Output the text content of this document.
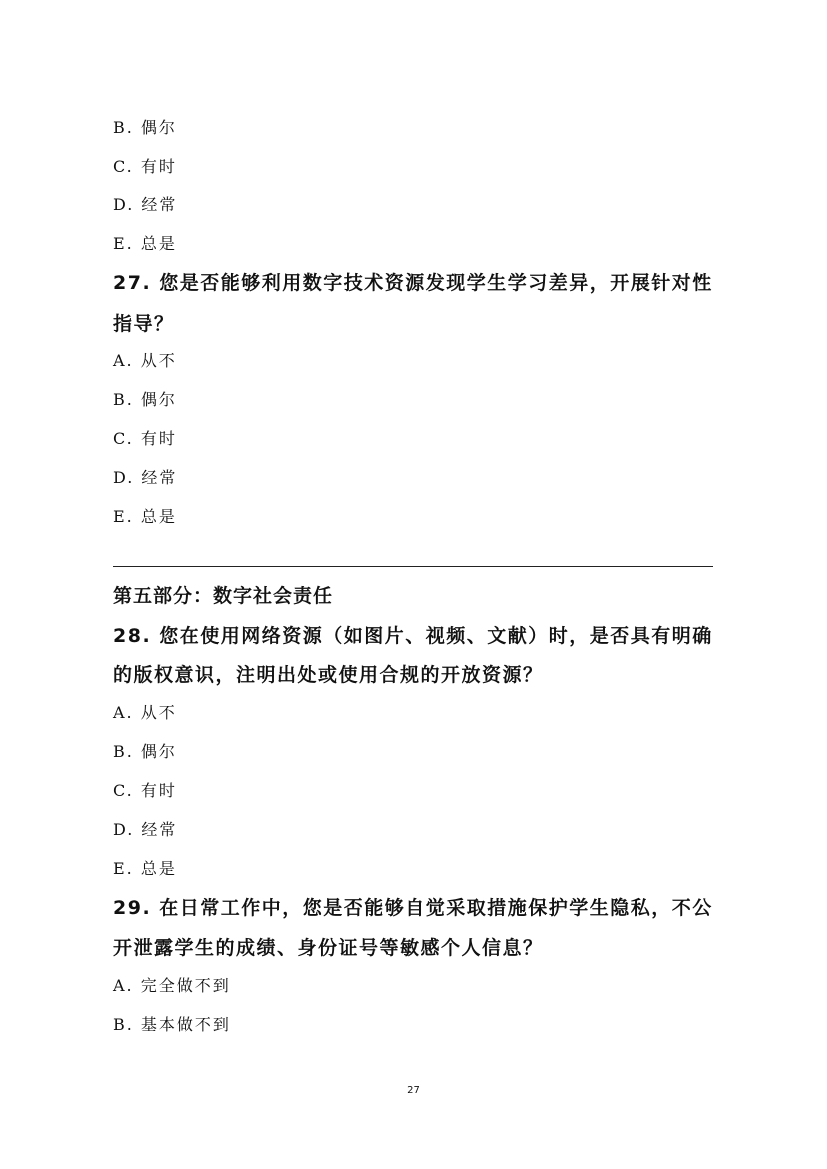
B. 偶尔
C. 有时
D. 经常
E. 总是
27. 您是否能够利用数字技术资源发现学生学习差异，开展针对性
指导？
A. 从不
B. 偶尔
C. 有时
D. 经常
E. 总是
第五部分：数字社会责任
28. 您在使用网络资源（如图片、视频、文献）时，是否具有明确
的版权意识，注明出处或使用合规的开放资源？
A. 从不
B. 偶尔
C. 有时
D. 经常
E. 总是
29. 在日常工作中，您是否能够自觉采取措施保护学生隐私，不公
开泄露学生的成绩、身份证号等敏感个人信息？
A. 完全做不到
B. 基本做不到
27
